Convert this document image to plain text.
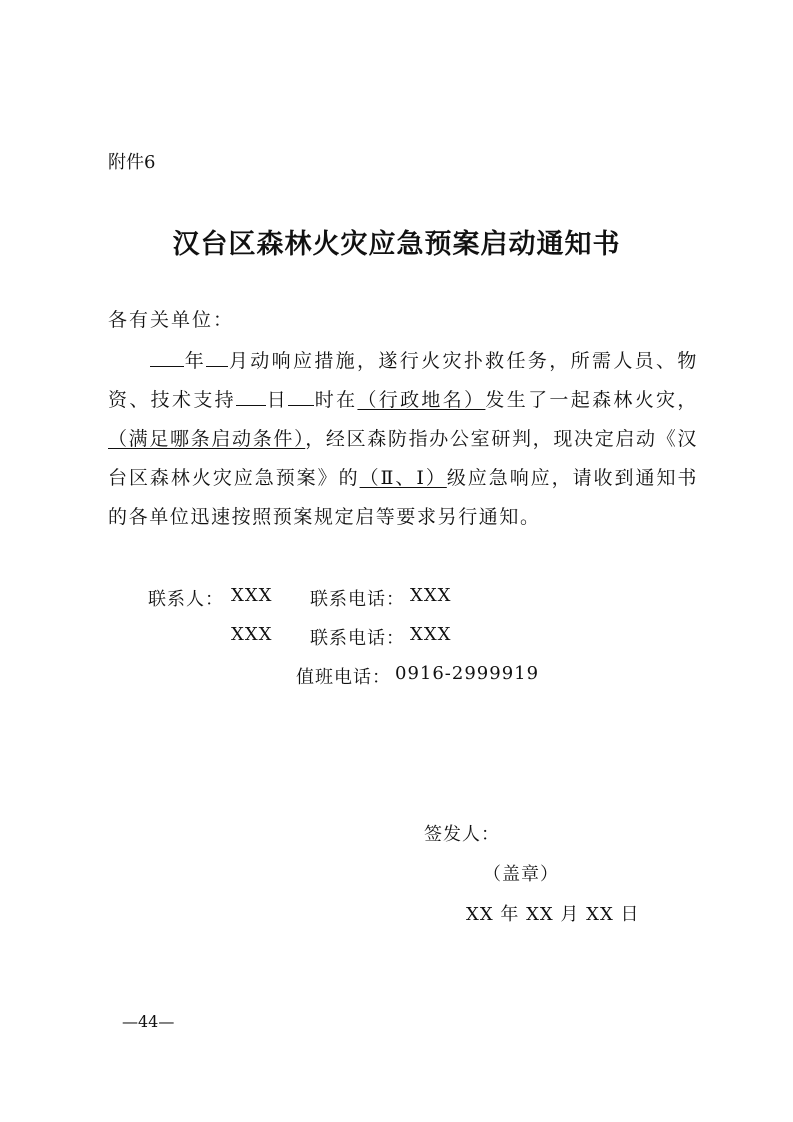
附件6
汉台区森林火灾应急预案启动通知书
各有关单位：
年 月动响应措施，遂行火灾扑救任务，所需人员、物资、技术支持 日 时在（行政地名）发生了一起森林火灾，（满足哪条启动条件），经区森防指办公室研判，现决定启动《汉台区森林火灾应急预案》的（Ⅱ、Ⅰ）级应急响应，请收到通知书的各单位迅速按照预案规定启等要求另行通知。
联系人： XXX 联系电话： XXX
XXX 联系电话： XXX
值班电话： 0916-2999919
签发人：
（盖章）
XX 年 XX 月 XX 日
—44—
